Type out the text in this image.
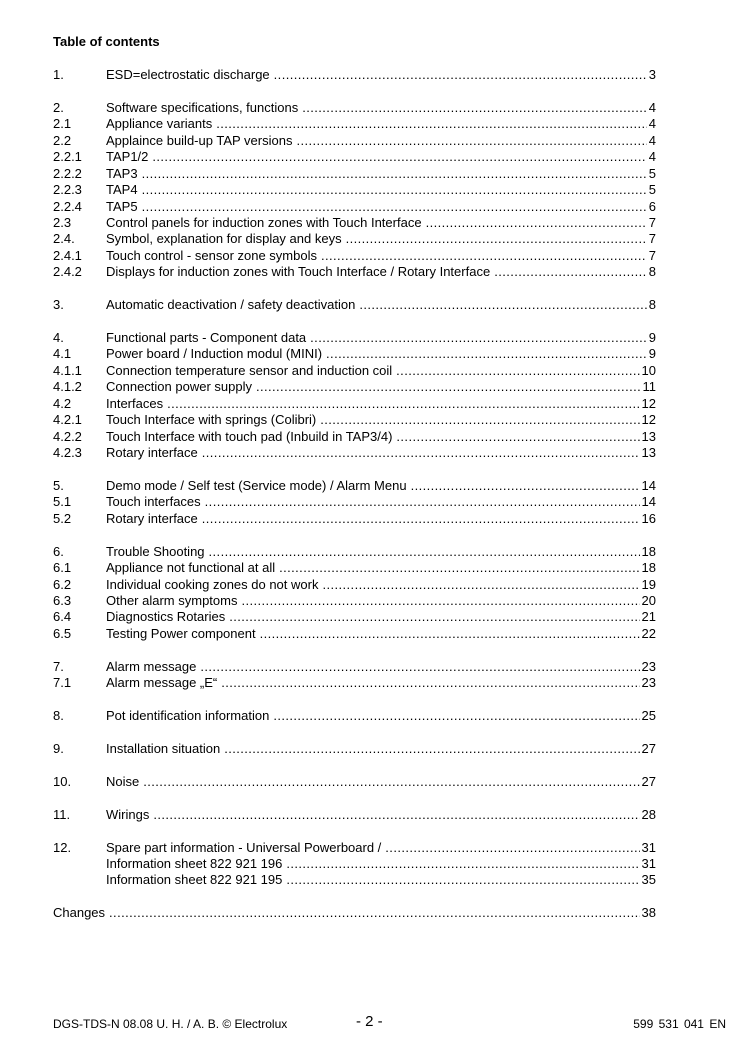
Table of contents
1.	ESD=electrostatic discharge .....	3
2.	Software specifications, functions .....	4
2.1	Appliance variants .....	4
2.2	Applaince build-up TAP versions .....	4
2.2.1	TAP1/2 .....	4
2.2.2	TAP3 .....	5
2.2.3	TAP4 .....	5
2.2.4	TAP5 .....	6
2.3	Control panels for induction zones with Touch Interface .....	7
2.4.	Symbol, explanation for display and keys .....	7
2.4.1	Touch control - sensor zone symbols .....	7
2.4.2	Displays for induction zones with Touch Interface / Rotary Interface .....	8
3.	Automatic deactivation / safety deactivation .....	8
4.	Functional parts - Component data .....	9
4.1	Power board / Induction modul (MINI) .....	9
4.1.1	Connection temperature sensor and induction coil .....	10
4.1.2	Connection power supply .....	11
4.2	Interfaces .....	12
4.2.1	Touch Interface with springs (Colibri) .....	12
4.2.2	Touch Interface with touch pad (Inbuild in TAP3/4) .....	13
4.2.3	Rotary interface .....	13
5.	Demo mode / Self test (Service mode) / Alarm Menu .....	14
5.1	Touch interfaces .....	14
5.2	Rotary interface .....	16
6.	Trouble Shooting .....	18
6.1	Appliance not functional at all .....	18
6.2	Individual cooking zones do not work .....	19
6.3	Other alarm symptoms .....	20
6.4	Diagnostics Rotaries .....	21
6.5	Testing Power component .....	22
7.	Alarm message .....	23
7.1	Alarm message „E“ .....	23
8.	Pot identification information .....	25
9.	Installation situation .....	27
10.	Noise .....	27
11.	Wirings .....	28
12.	Spare part information - Universal Powerboard / .....	31
Information sheet 822 921 196 .....	31
Information sheet 822 921 195 .....	35
Changes .....	38
DGS-TDS-N 08.08 U. H. / A. B. © Electrolux	- 2 -	599 531 041 EN
